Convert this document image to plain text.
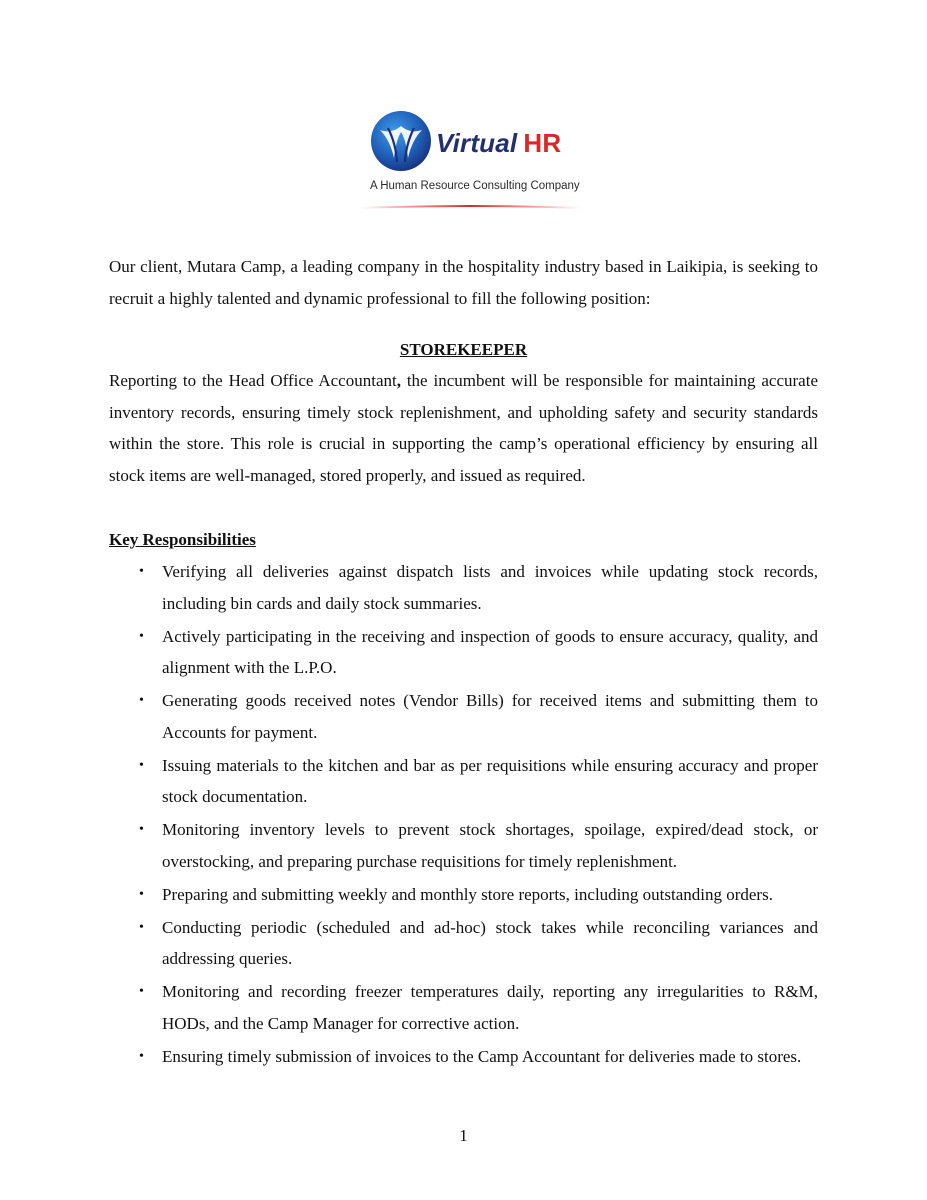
Virtual HR
A Human Resource Consulting Company

Our client, Mutara Camp, a leading company in the hospitality industry based in Laikipia, is seeking to recruit a highly talented and dynamic professional to fill the following position:

STOREKEEPER

Reporting to the Head Office Accountant, the incumbent will be responsible for maintaining accurate inventory records, ensuring timely stock replenishment, and upholding safety and security standards within the store. This role is crucial in supporting the camp’s operational efficiency by ensuring all stock items are well-managed, stored properly, and issued as required.

Key Responsibilities
• Verifying all deliveries against dispatch lists and invoices while updating stock records, including bin cards and daily stock summaries.
• Actively participating in the receiving and inspection of goods to ensure accuracy, quality, and alignment with the L.P.O.
• Generating goods received notes (Vendor Bills) for received items and submitting them to Accounts for payment.
• Issuing materials to the kitchen and bar as per requisitions while ensuring accuracy and proper stock documentation.
• Monitoring inventory levels to prevent stock shortages, spoilage, expired/dead stock, or overstocking, and preparing purchase requisitions for timely replenishment.
• Preparing and submitting weekly and monthly store reports, including outstanding orders.
• Conducting periodic (scheduled and ad-hoc) stock takes while reconciling variances and addressing queries.
• Monitoring and recording freezer temperatures daily, reporting any irregularities to R&M, HODs, and the Camp Manager for corrective action.
• Ensuring timely submission of invoices to the Camp Accountant for deliveries made to stores.
1
